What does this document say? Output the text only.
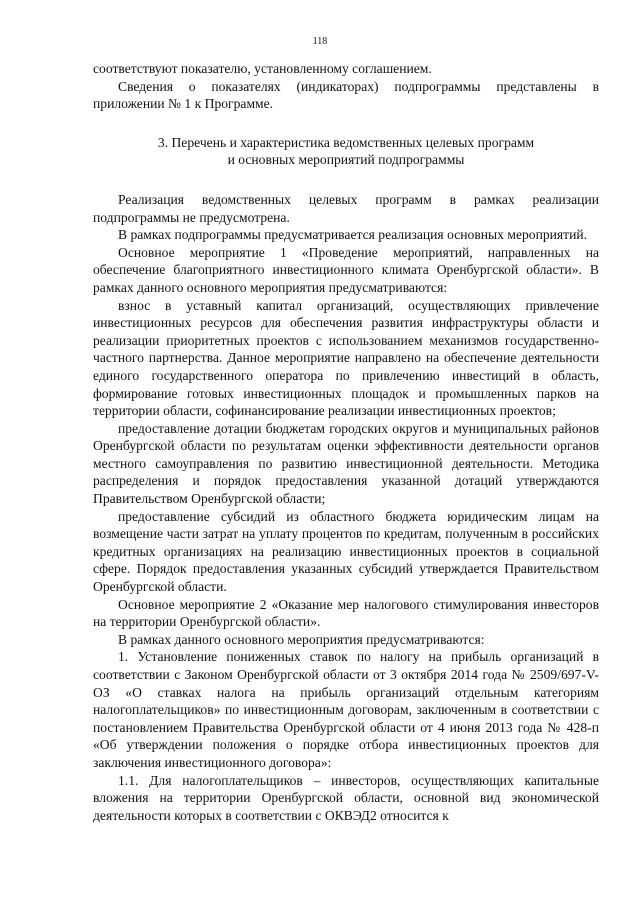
118

соответствуют показателю, установленному соглашением.

Сведения о показателях (индикаторах) подпрограммы представлены в приложении № 1 к Программе.

3. Перечень и характеристика ведомственных целевых программ
и основных мероприятий подпрограммы

Реализация ведомственных целевых программ в рамках реализации подпрограммы не предусмотрена.

В рамках подпрограммы предусматривается реализация основных мероприятий.

Основное мероприятие 1 «Проведение мероприятий, направленных на обеспечение благоприятного инвестиционного климата Оренбургской области». В рамках данного основного мероприятия предусматриваются:

взнос в уставный капитал организаций, осуществляющих привлечение инвестиционных ресурсов для обеспечения развития инфраструктуры области и реализации приоритетных проектов с использованием механизмов государственно-частного партнерства. Данное мероприятие направлено на обеспечение деятельности единого государственного оператора по привлечению инвестиций в область, формирование готовых инвестиционных площадок и промышленных парков на территории области, софинансирование реализации инвестиционных проектов;

предоставление дотации бюджетам городских округов и муниципальных районов Оренбургской области по результатам оценки эффективности деятельности органов местного самоуправления по развитию инвестиционной деятельности. Методика распределения и порядок предоставления указанной дотаций утверждаются Правительством Оренбургской области;

предоставление субсидий из областного бюджета юридическим лицам на возмещение части затрат на уплату процентов по кредитам, полученным в российских кредитных организациях на реализацию инвестиционных проектов в социальной сфере. Порядок предоставления указанных субсидий утверждается Правительством Оренбургской области.

Основное мероприятие 2 «Оказание мер налогового стимулирования инвесторов на территории Оренбургской области».

В рамках данного основного мероприятия предусматриваются:

1. Установление пониженных ставок по налогу на прибыль организаций в соответствии с Законом Оренбургской области от 3 октября 2014 года № 2509/697-V-ОЗ «О ставках налога на прибыль организаций отдельным категориям налогоплательщиков» по инвестиционным договорам, заключенным в соответствии с постановлением Правительства Оренбургской области от 4 июня 2013 года № 428-п «Об утверждении положения о порядке отбора инвестиционных проектов для заключения инвестиционного договора»:

1.1. Для налогоплательщиков – инвесторов, осуществляющих капитальные вложения на территории Оренбургской области, основной вид экономической деятельности которых в соответствии с ОКВЭД2 относится к
